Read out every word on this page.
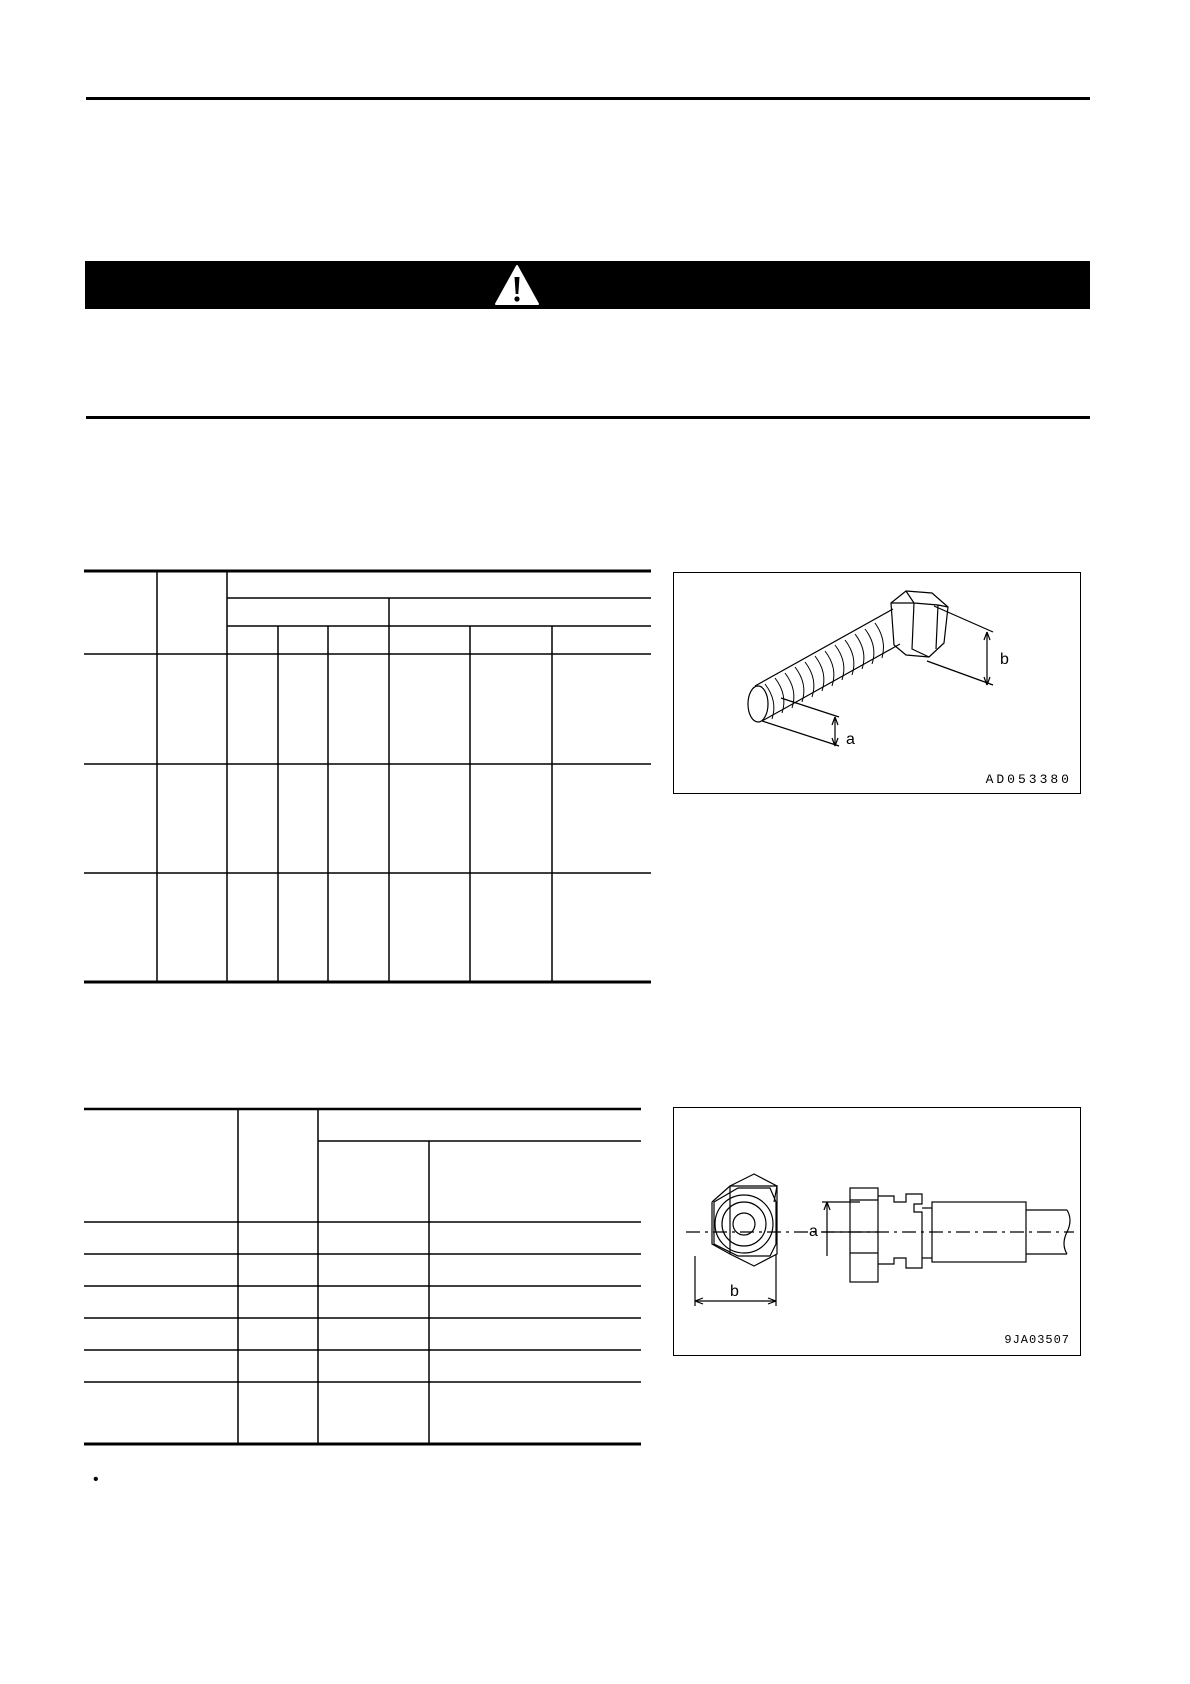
a
b
AD053380
a
b
9JA03507
•
